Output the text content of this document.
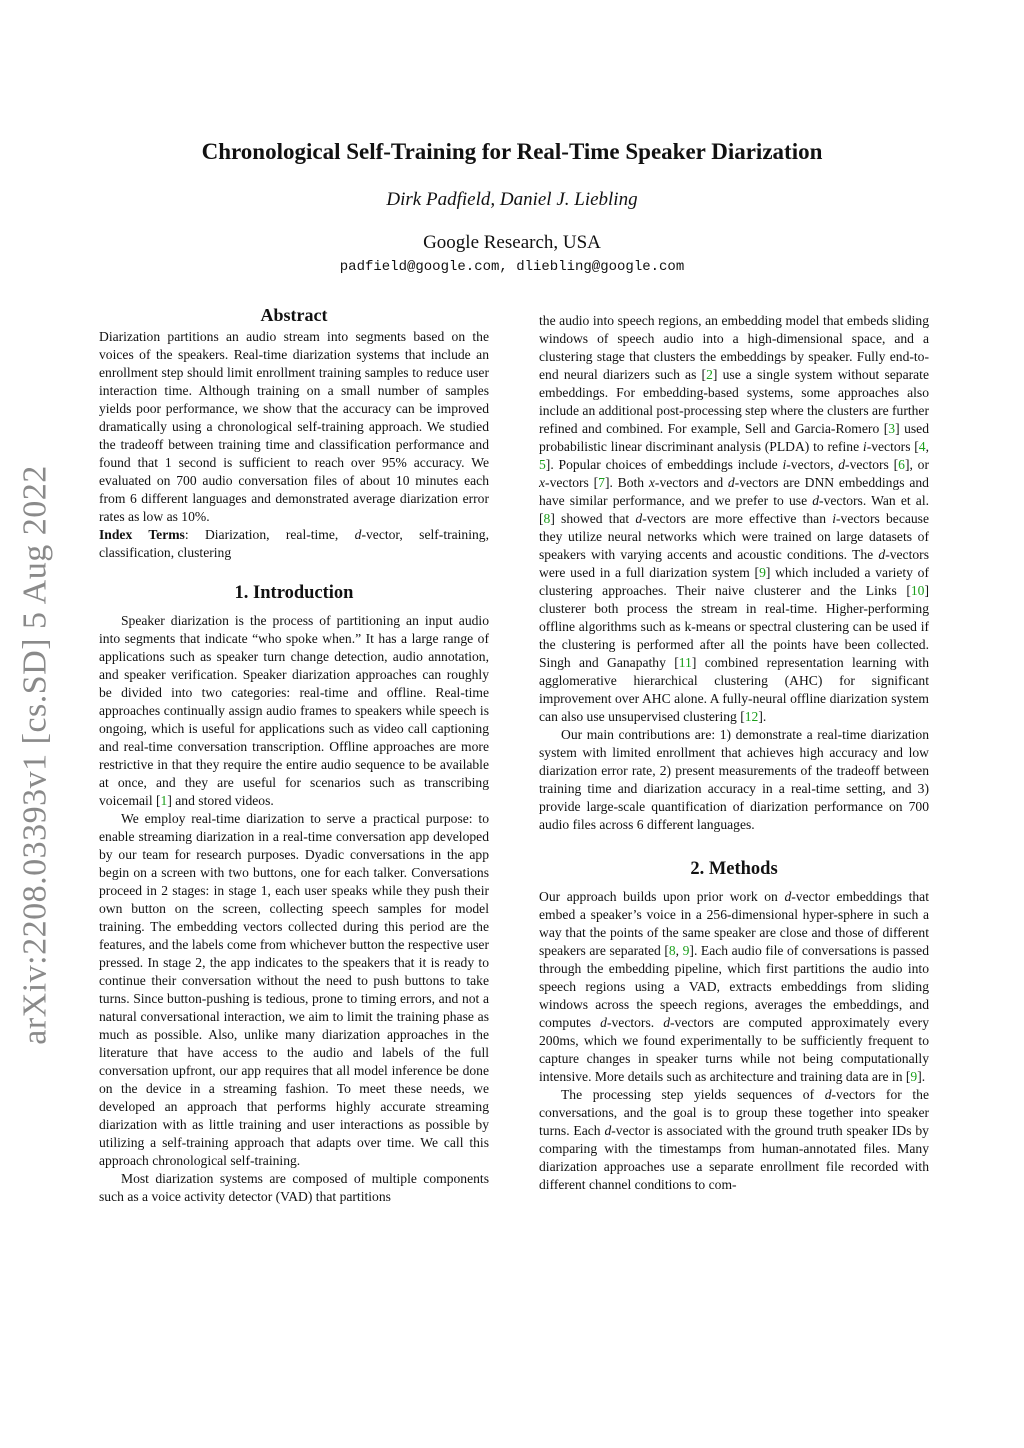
arXiv:2208.03393v1 [cs.SD] 5 Aug 2022
Chronological Self-Training for Real-Time Speaker Diarization
Dirk Padfield, Daniel J. Liebling
Google Research, USA
padfield@google.com, dliebling@google.com
Abstract

Diarization partitions an audio stream into segments based on the voices of the speakers. Real-time diarization systems that include an enrollment step should limit enrollment training samples to reduce user interaction time. Although training on a small number of samples yields poor performance, we show that the accuracy can be improved dramatically using a chronological self-training approach. We studied the tradeoff between training time and classification performance and found that 1 second is sufficient to reach over 95% accuracy. We evaluated on 700 audio conversation files of about 10 minutes each from 6 different languages and demonstrated average diarization error rates as low as 10%.

Index Terms: Diarization, real-time, d-vector, self-training, classification, clustering

1. Introduction

Speaker diarization is the process of partitioning an input audio into segments that indicate “who spoke when.” It has a large range of applications such as speaker turn change detection, audio annotation, and speaker verification. Speaker diarization approaches can roughly be divided into two categories: real-time and offline. Real-time approaches continually assign audio frames to speakers while speech is ongoing, which is useful for applications such as video call captioning and real-time conversation transcription. Offline approaches are more restrictive in that they require the entire audio sequence to be available at once, and they are useful for scenarios such as transcribing voicemail [1] and stored videos.

We employ real-time diarization to serve a practical purpose: to enable streaming diarization in a real-time conversation app developed by our team for research purposes. Dyadic conversations in the app begin on a screen with two buttons, one for each talker. Conversations proceed in 2 stages: in stage 1, each user speaks while they push their own button on the screen, collecting speech samples for model training. The embedding vectors collected during this period are the features, and the labels come from whichever button the respective user pressed. In stage 2, the app indicates to the speakers that it is ready to continue their conversation without the need to push buttons to take turns. Since button-pushing is tedious, prone to timing errors, and not a natural conversational interaction, we aim to limit the training phase as much as possible. Also, unlike many diarization approaches in the literature that have access to the audio and labels of the full conversation upfront, our app requires that all model inference be done on the device in a streaming fashion. To meet these needs, we developed an approach that performs highly accurate streaming diarization with as little training and user interactions as possible by utilizing a self-training approach that adapts over time. We call this approach chronological self-training.

Most diarization systems are composed of multiple components such as a voice activity detector (VAD) that partitions

the audio into speech regions, an embedding model that embeds sliding windows of speech audio into a high-dimensional space, and a clustering stage that clusters the embeddings by speaker. Fully end-to-end neural diarizers such as [2] use a single system without separate embeddings. For embedding-based systems, some approaches also include an additional post-processing step where the clusters are further refined and combined. For example, Sell and Garcia-Romero [3] used probabilistic linear discriminant analysis (PLDA) to refine i-vectors [4, 5]. Popular choices of embeddings include i-vectors, d-vectors [6], or x-vectors [7]. Both x-vectors and d-vectors are DNN embeddings and have similar performance, and we prefer to use d-vectors. Wan et al. [8] showed that d-vectors are more effective than i-vectors because they utilize neural networks which were trained on large datasets of speakers with varying accents and acoustic conditions. The d-vectors were used in a full diarization system [9] which included a variety of clustering approaches. Their naive clusterer and the Links [10] clusterer both process the stream in real-time. Higher-performing offline algorithms such as k-means or spectral clustering can be used if the clustering is performed after all the points have been collected. Singh and Ganapathy [11] combined representation learning with agglomerative hierarchical clustering (AHC) for significant improvement over AHC alone. A fully-neural offline diarization system can also use unsupervised clustering [12].

Our main contributions are: 1) demonstrate a real-time diarization system with limited enrollment that achieves high accuracy and low diarization error rate, 2) present measurements of the tradeoff between training time and diarization accuracy in a real-time setting, and 3) provide large-scale quantification of diarization performance on 700 audio files across 6 different languages.

2. Methods

Our approach builds upon prior work on d-vector embeddings that embed a speaker’s voice in a 256-dimensional hyper-sphere in such a way that the points of the same speaker are close and those of different speakers are separated [8, 9]. Each audio file of conversations is passed through the embedding pipeline, which first partitions the audio into speech regions using a VAD, extracts embeddings from sliding windows across the speech regions, averages the embeddings, and computes d-vectors. d-vectors are computed approximately every 200ms, which we found experimentally to be sufficiently frequent to capture changes in speaker turns while not being computationally intensive. More details such as architecture and training data are in [9].

The processing step yields sequences of d-vectors for the conversations, and the goal is to group these together into speaker turns. Each d-vector is associated with the ground truth speaker IDs by comparing with the timestamps from human-annotated files. Many diarization approaches use a separate enrollment file recorded with different channel conditions to com-
